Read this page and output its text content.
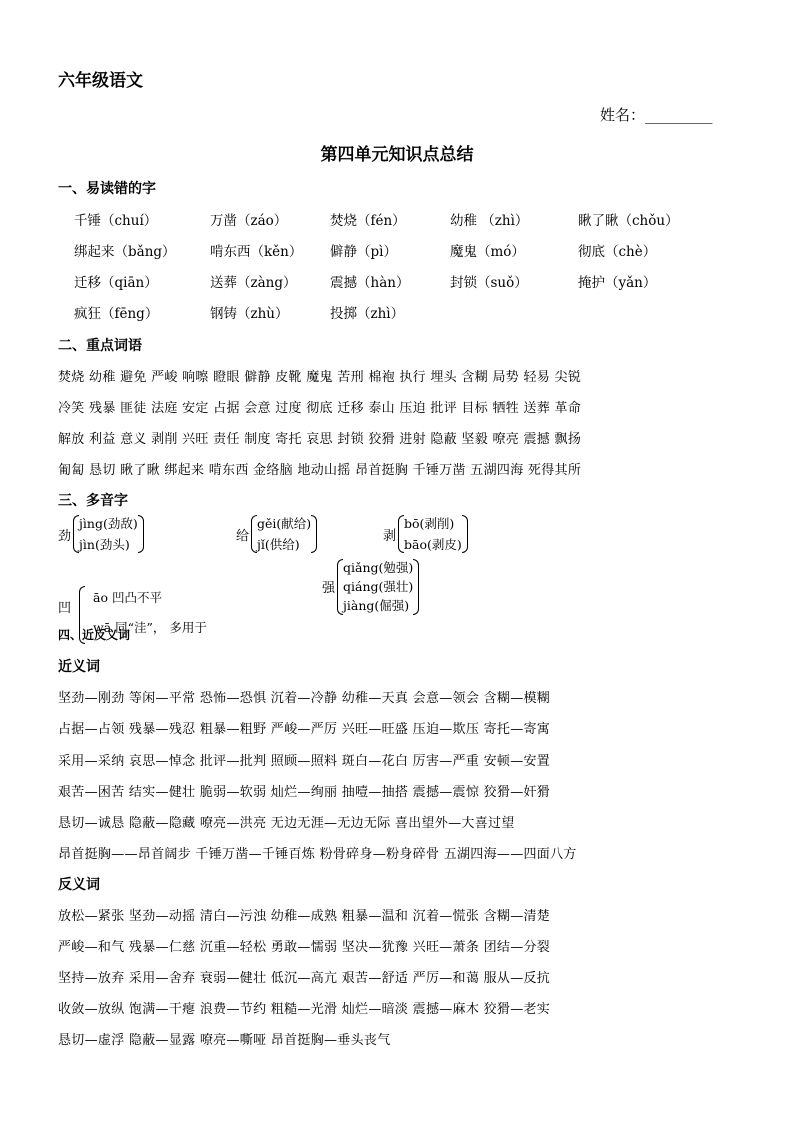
六年级语文
姓名：_________
第四单元知识点总结
一、易读错的字
千锤（chuí）	万凿（záo）	焚烧（fén）	幼稚 （zhì）	瞅了瞅（chǒu）
绑起来（bǎng）	啃东西（kěn） 僻静（pì）	魔鬼（mó）	彻底（chè）
迁移（qiān）	送葬（zàng） 震撼（hàn）	封锁（suǒ）	掩护（yǎn）
疯狂（fēng）	钢铸（zhù）	投掷（zhì）
二、重点词语
焚烧 幼稚 避免 严峻 响嚓 瞪眼 僻静 皮靴 魔鬼 苦刑 棉袍 执行 埋头 含糊 局势 轻易 尖锐
冷笑 残暴 匪徒 法庭 安定 占据 会意 过度 彻底 迁移 泰山 压迫 批评 目标 牺牲 送葬 革命
解放 利益 意义 剥削 兴旺 责任 制度 寄托 哀思 封锁 狡猾 进射 隐蔽 坚毅 嘹亮 震撼 飘扬
匍匐 恳切 瞅了瞅 绑起来 啃东西 金络脑 地动山摇 昂首挺胸 千锤万凿 五湖四海 死得其所
三、多音字
劲
jìng(劲敌)
jìn(劲头)
给
gěi(献给)
jǐ(供给)
剥
bō(剥削)
bāo(剥皮)
凹
āo 凹凸不平
wā 同“洼”， 多用于
强
qiǎng(勉强)
qiáng(强壮)
jiàng(倔强)
四、近反义词
近义词
坚劲—刚劲 等闲—平常 恐怖—恐惧 沉着—冷静 幼稚—天真 会意—领会 含糊—模糊
占据—占领 残暴—残忍 粗暴—粗野 严峻—严厉 兴旺—旺盛 压迫—欺压 寄托—寄寓
采用—采纳 哀思—悼念 批评—批判 照顾—照料 斑白—花白 厉害—严重 安顿—安置
艰苦—困苦 结实—健壮 脆弱—软弱 灿烂—绚丽 抽噎—抽搭 震撼—震惊 狡猾—奸猾
恳切—诚恳 隐蔽—隐藏 嘹亮—洪亮 无边无涯—无边无际 喜出望外—大喜过望
昂首挺胸——昂首阔步 千锤万凿—千锤百炼 粉骨碎身—粉身碎骨 五湖四海——四面八方
反义词
放松—紧张 坚劲—动摇 清白—污浊 幼稚—成熟 粗暴—温和 沉着—慌张 含糊—清楚
严峻—和气 残暴—仁慈 沉重—轻松 勇敢—懦弱 坚决—犹豫 兴旺—萧条 团结—分裂
坚持—放弃 采用—舍弃 衰弱—健壮 低沉—高亢 艰苦—舒适 严厉—和蔼 服从—反抗
收敛—放纵 饱满—干瘪 浪费—节约 粗糙—光滑 灿烂—暗淡 震撼—麻木 狡猾—老实
恳切—虚浮 隐蔽—显露 嘹亮—嘶哑 昂首挺胸—垂头丧气
